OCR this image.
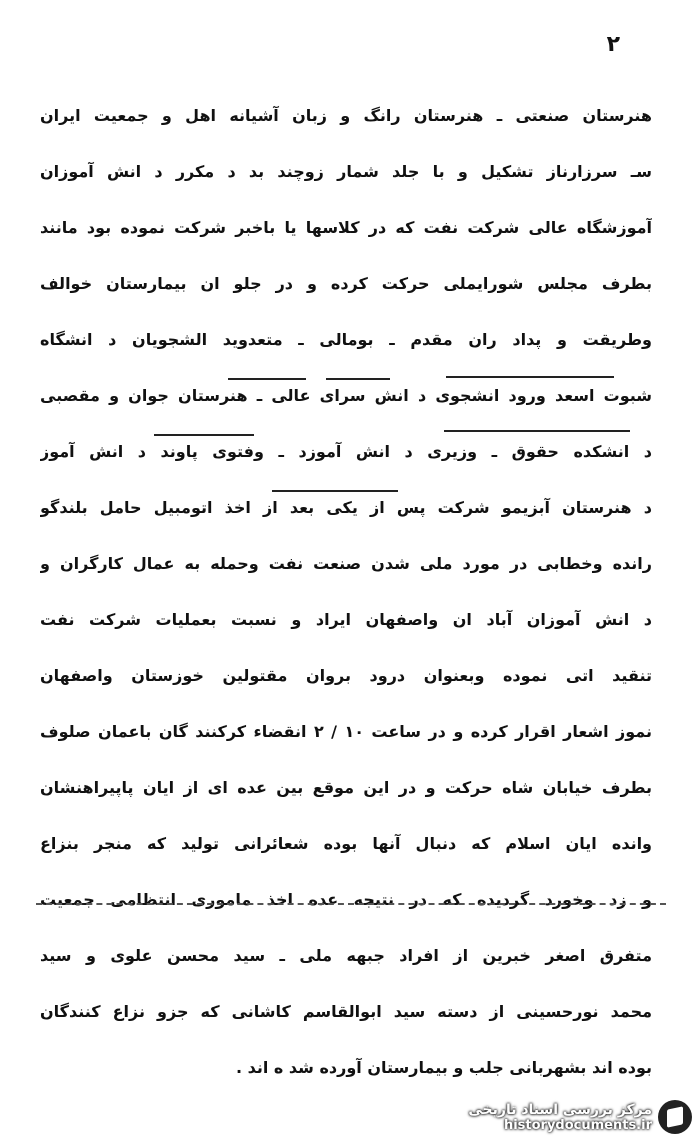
۲
هنرستان صنعتی ـ هنرستان رانگ و زبان آشیانه اهل و جمعیت ایران
سـ سرزارناز تشکیل و با جلد شمار زوچند بد د مکرر د انش آموزان
آموزشگاه عالی شرکت نفت که در کلاسها یا باخبر شرکت نموده بود مانند
بطرف مجلس شورایملی حرکت کرده و در جلو ان بیمارستان خوالف
وطریقت و پداد ران مقدم ـ بومالی ـ متعدوید الشجویان د انشگاه
شبوت اسعد ورود انشجوی د انش سرای عالی ـ هنرستان جوان و مقصبی
د انشکده حقوق ـ وزیری د انش آموزد ـ وفتوی پاوند د انش آموز
د هنرستان آبزیمو شرکت پس از یکی بعد از اخذ اتومبیل حامل بلندگو
رانده وخطابی در مورد ملی شدن صنعت نفت وحمله به عمال کارگران و
د انش آموزان آباد ان واصفهان ایراد و نسبت بعملیات شرکت نفت
تنقید اتی نموده وبعنوان درود بروان مقتولین خوزستان واصفهان
نموز اشعار اقرار کرده و در ساعت ۱۰ / ۲ انقضاء کرکنند گان باعمان صلوف
بطرف خیابان شاه حرکت و در این موقع بین عده ای از ایان پاپیراهنشان
وانده ایان اسلام که دنبال آنها بوده شعائرانی تولید که منجر بنزاع
و زد وخورد گردیده که در نتیجه عده اخذ ماموری انتظامی جمعیت
متفرق اصغر خبرین از افراد جبهه ملی ـ سید محسن علوی و سید
محمد نورحسینی از دسته سید ابوالقاسم کاشانی که جزو نزاع کنندگان
بوده اند بشهربانی جلب و بیمارستان آورده شد ه اند .
مرکز بررسی اسناد تاریخی
historydocuments.ir
